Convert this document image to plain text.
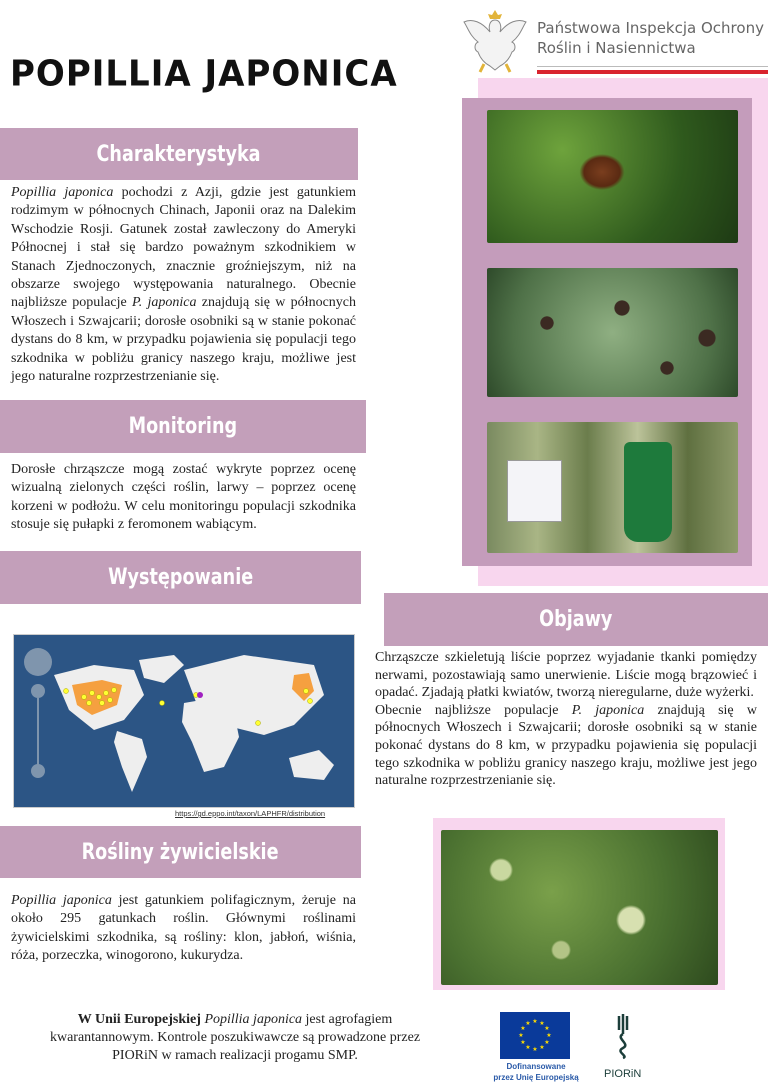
POPILLIA JAPONICA
Państwowa Inspekcja Ochrony
Roślin i Nasiennictwa
Charakterystyka

Popillia japonica pochodzi z Azji, gdzie jest gatunkiem rodzimym w północnych Chinach, Japonii oraz na Dalekim Wschodzie Rosji. Gatunek został zawleczony do Ameryki Północnej i stał się bardzo poważnym szkodnikiem w Stanach Zjednoczonych, znacznie groźniejszym, niż na obszarze swojego występowania naturalnego. Obecnie najbliższe populacje P. japonica znajdują się w północnych Włoszech i Szwajcarii; dorosłe osobniki są w stanie pokonać dystans do 8 km, w przypadku pojawienia się populacji tego szkodnika w pobliżu granicy naszego kraju, możliwe jest jego naturalne rozprzestrzenianie się.

Monitoring

Dorosłe chrząszcze mogą zostać wykryte poprzez ocenę wizualną zielonych części roślin, larwy – poprzez ocenę korzeni w podłożu. W celu monitoringu populacji szkodnika stosuje się pułapki z feromonem wabiącym.

Występowanie
https://gd.eppo.int/taxon/LAPHFR/distribution
Objawy

Chrząszcze szkieletują liście poprzez wyjadanie tkanki pomiędzy nerwami, pozostawiają samo unerwienie. Liście mogą brązowieć i opadać. Zjadają płatki kwiatów, tworzą nieregularne, duże wyżerki.

Obecnie najbliższe populacje P. japonica znajdują się w północnych Włoszech i Szwajcarii; dorosłe osobniki są w stanie pokonać dystans do 8 km, w przypadku pojawienia się populacji tego szkodnika w pobliżu granicy naszego kraju, możliwe jest jego naturalne rozprzestrzenianie się.

Rośliny żywicielskie

Popillia japonica jest gatunkiem polifagicznym, żeruje na około 295 gatunkach roślin. Głównymi roślinami żywicielskimi szkodnika, są rośliny: klon, jabłoń, wiśnia, róża, porzeczka, winogorono, kukurydza.

W Unii Europejskiej Popillia japonica jest agrofagiem kwarantannowym. Kontrole poszukiwawcze są prowadzone przez PIORiN w ramach realizacji progamu SMP.

★ ★
★
★
★
★
★
★
★
★
★
★
Dofinansowane
przez Unię Europejską	PIORiN
